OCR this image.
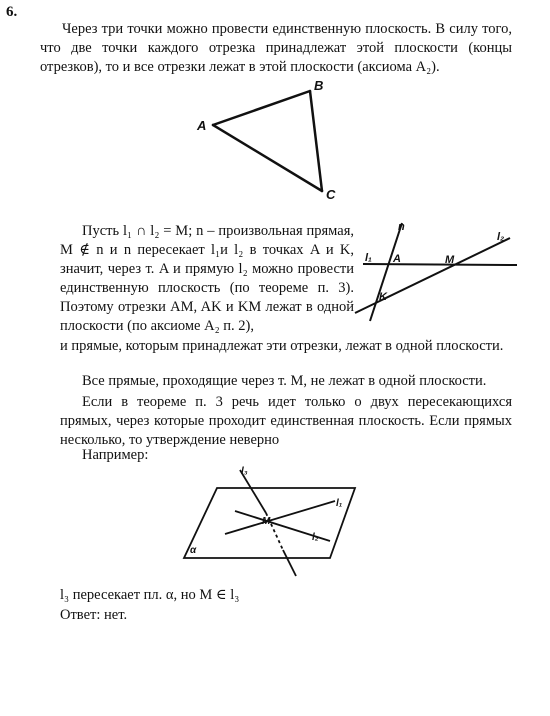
6.

Через три точки можно провести единственную плоскость. В силу того, что две точки каждого отрезка принадлежат этой плоскости (концы отрезков), то и все отрезки лежат в этой плоскости (аксиома A₂).

A
B
C

Пусть l₁ ∩ l₂ = M; n – произвольная прямая, M ∉ n и n пересекает l₁и l₂ в точках A и K, значит, через т. A и прямую l₂ можно провести единственную плоскость (по теореме п. 3). Поэтому отрезки AM, AK и KM лежат в одной плоскости (по аксиоме A₂ п. 2),

n
l₁
l₂
A	M
K

и прямые, которым принадлежат эти отрезки, лежат в одной плоскости.

Все прямые, проходящие через т. M, не лежат в одной плоскости.

Если в теореме п. 3 речь идет только о двух пересекающихся прямых, через которые проходит единственная плоскость. Если прямых несколько, то утверждение неверно

Например:

l₃
l₁
l₂
M
α

l₃ пересекает пл. α, но M ∈ l₃

Ответ: нет.
